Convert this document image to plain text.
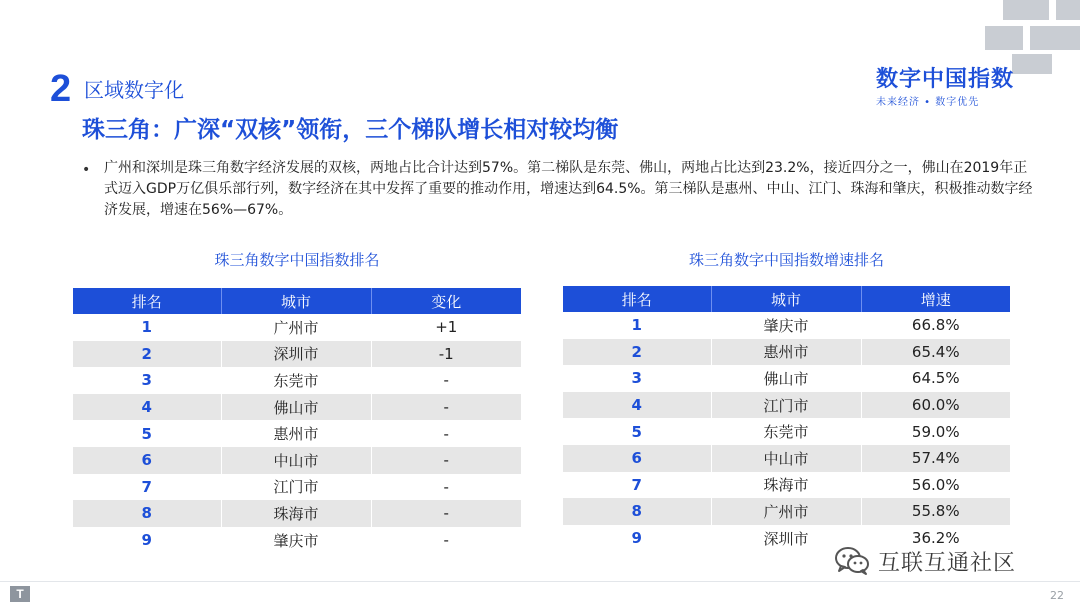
2 区域数字化	数字中国指数
未来经济 • 数字优先
珠三角：广深“双核”领衔，三个梯队增长相对较均衡
• 广州和深圳是珠三角数字经济发展的双核，两地占比合计达到57%。第二梯队是东莞、佛山，两地占比达到23.2%，接近四分之一，佛山在2019年正式迈入GDP万亿俱乐部行列，数字经济在其中发挥了重要的推动作用，增速达到64.5%。第三梯队是惠州、中山、江门、珠海和肇庆，积极推动数字经济发展，增速在56%—67%。
珠三角数字中国指数排名
排名	城市	变化
1	广州市	+1
2	深圳市	-1
3	东莞市	-
4	佛山市	-
5	惠州市	-
6	中山市	-
7	江门市	-
8	珠海市	-
9	肇庆市	-
珠三角数字中国指数增速排名
排名	城市	增速
1	肇庆市	66.8%
2	惠州市	65.4%
3	佛山市	64.5%
4	江门市	60.0%
5	东莞市	59.0%
6	中山市	57.4%
7	珠海市	56.0%
8	广州市	55.8%
9	深圳市	36.2%
T	22
互联互通社区
